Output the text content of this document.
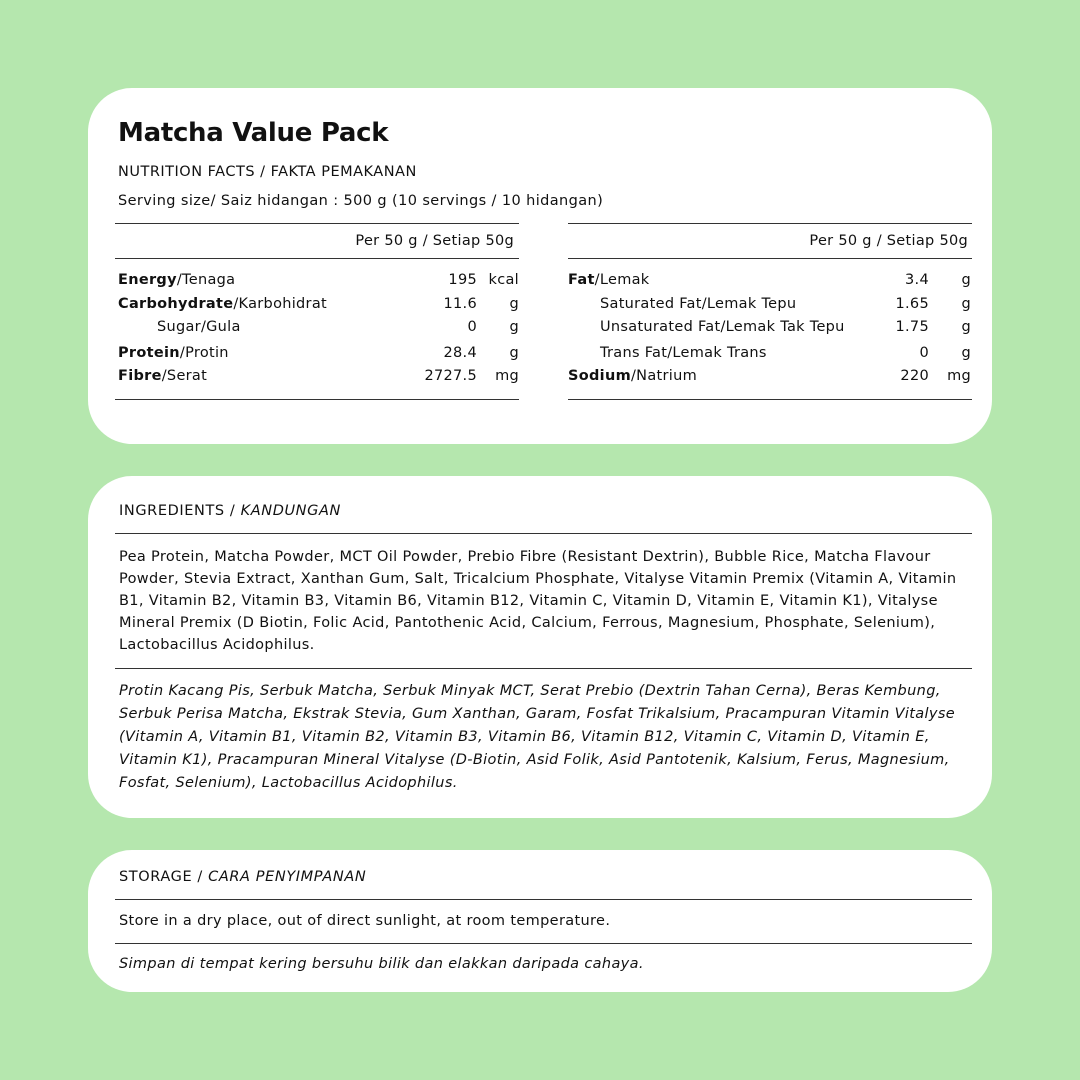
Matcha Value Pack
NUTRITION FACTS / FAKTA PEMAKANAN
Serving size/ Saiz hidangan : 500 g (10 servings / 10 hidangan)
Per 50 g / Setiap 50g
Energy/Tenaga	195 kcal
Carbohydrate/Karbohidrat	11.6 g
Sugar/Gula	0 g
Protein/Protin	28.4 g
Fibre/Serat	2727.5 mg
Per 50 g / Setiap 50g
Fat/Lemak	3.4 g
Saturated Fat/Lemak Tepu	1.65 g
Unsaturated Fat/Lemak Tak Tepu	1.75 g
Trans Fat/Lemak Trans	0 g
Sodium/Natrium	220 mg
INGREDIENTS / KANDUNGAN
Pea Protein, Matcha Powder, MCT Oil Powder, Prebio Fibre (Resistant Dextrin), Bubble Rice, Matcha Flavour Powder, Stevia Extract, Xanthan Gum, Salt, Tricalcium Phosphate, Vitalyse Vitamin Premix (Vitamin A, Vitamin B1, Vitamin B2, Vitamin B3, Vitamin B6, Vitamin B12, Vitamin C, Vitamin D, Vitamin E, Vitamin K1), Vitalyse Mineral Premix (D Biotin, Folic Acid, Pantothenic Acid, Calcium, Ferrous, Magnesium, Phosphate, Selenium), Lactobacillus Acidophilus.
Protin Kacang Pis, Serbuk Matcha, Serbuk Minyak MCT, Serat Prebio (Dextrin Tahan Cerna), Beras Kembung, Serbuk Perisa Matcha, Ekstrak Stevia, Gum Xanthan, Garam, Fosfat Trikalsium, Pracampuran Vitamin Vitalyse (Vitamin A, Vitamin B1, Vitamin B2, Vitamin B3, Vitamin B6, Vitamin B12, Vitamin C, Vitamin D, Vitamin E, Vitamin K1), Pracampuran Mineral Vitalyse (D-Biotin, Asid Folik, Asid Pantotenik, Kalsium, Ferus, Magnesium, Fosfat, Selenium), Lactobacillus Acidophilus.
STORAGE / CARA PENYIMPANAN
Store in a dry place, out of direct sunlight, at room temperature.
Simpan di tempat kering bersuhu bilik dan elakkan daripada cahaya.
